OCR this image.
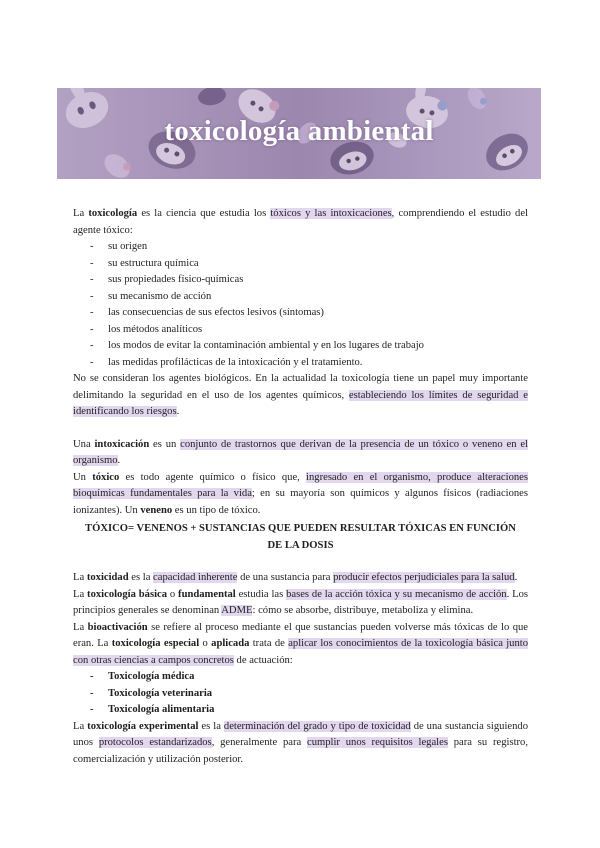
toxicología ambiental

La toxicología es la ciencia que estudia los tóxicos y las intoxicaciones, comprendiendo el estudio del agente tóxico:

- su origen
- su estructura química
- sus propiedades físico-químicas
- su mecanismo de acción
- las consecuencias de sus efectos lesivos (síntomas)
- los métodos analíticos
- los modos de evitar la contaminación ambiental y en los lugares de trabajo
- las medidas profilácticas de la intoxicación y el tratamiento.

No se consideran los agentes biológicos. En la actualidad la toxicología tiene un papel muy importante delimitando la seguridad en el uso de los agentes químicos, estableciendo los límites de seguridad e identificando los riesgos.

Una intoxicación es un conjunto de trastornos que derivan de la presencia de un tóxico o veneno en el organismo.

Un tóxico es todo agente químico o físico que, ingresado en el organismo, produce alteraciones bioquímicas fundamentales para la vida; en su mayoría son químicos y algunos físicos (radiaciones ionizantes). Un veneno es un tipo de tóxico.

TÓXICO= VENENOS + SUSTANCIAS QUE PUEDEN RESULTAR TÓXICAS EN FUNCIÓN

DE LA DOSIS

La toxicidad es la capacidad inherente de una sustancia para producir efectos perjudiciales para la salud.

La toxicología básica o fundamental estudia las bases de la acción tóxica y su mecanismo de acción. Los principios generales se denominan ADME: cómo se absorbe, distribuye, metaboliza y elimina.

La bioactivación se refiere al proceso mediante el que sustancias pueden volverse más tóxicas de lo que eran. La toxicología especial o aplicada trata de aplicar los conocimientos de la toxicología básica junto con otras ciencias a campos concretos de actuación:

- Toxicología médica
- Toxicología veterinaria
- Toxicología alimentaria

La toxicología experimental es la determinación del grado y tipo de toxicidad de una sustancia siguiendo unos protocolos estandarizados, generalmente para cumplir unos requisitos legales para su registro, comercialización y utilización posterior.
